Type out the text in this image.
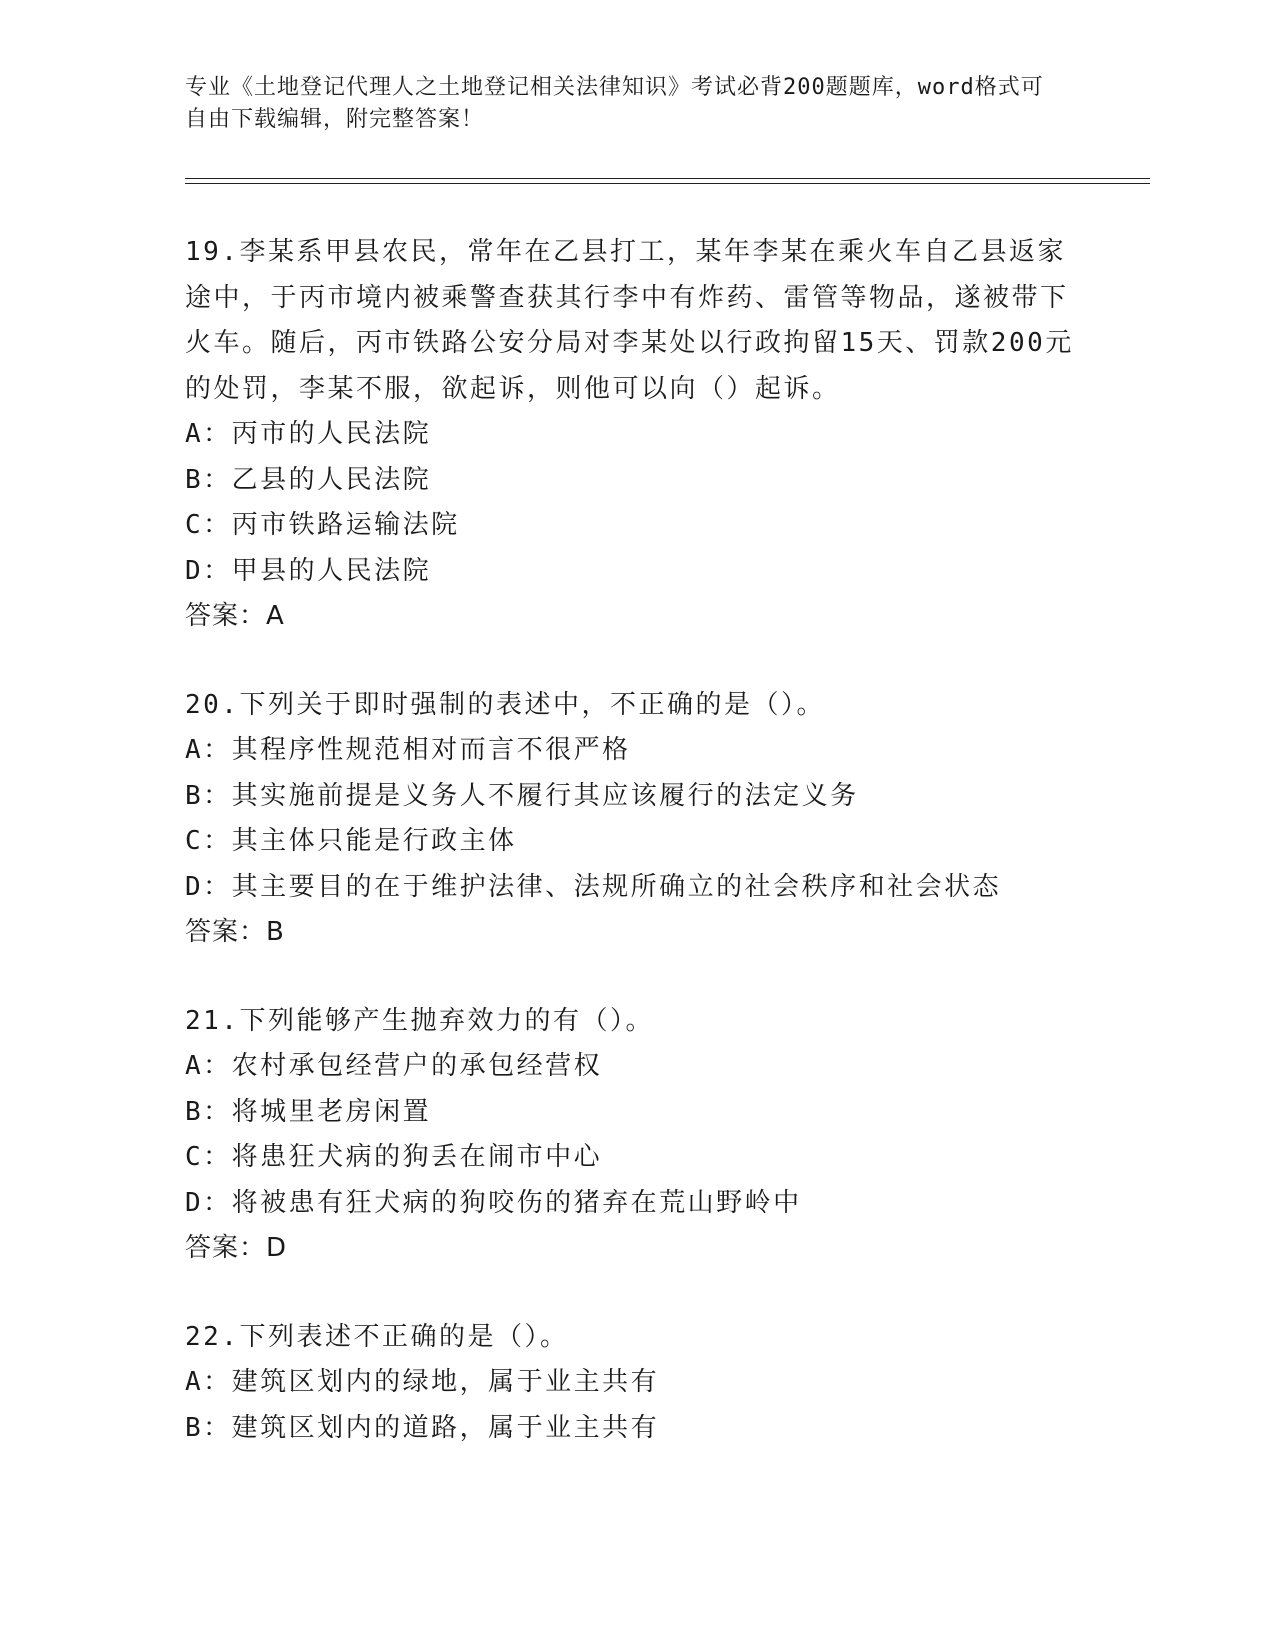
专业《土地登记代理人之土地登记相关法律知识》考试必背200题题库，word格式可自由下载编辑，附完整答案！

19.李某系甲县农民，常年在乙县打工，某年李某在乘火车自乙县返家途中，于丙市境内被乘警查获其行李中有炸药、雷管等物品，遂被带下火车。随后，丙市铁路公安分局对李某处以行政拘留15天、罚款200元的处罚，李某不服，欲起诉，则他可以向（）起诉。

A：丙市的人民法院

B：乙县的人民法院

C：丙市铁路运输法院

D：甲县的人民法院

答案：A

20.下列关于即时强制的表述中，不正确的是（）。

A：其程序性规范相对而言不很严格

B：其实施前提是义务人不履行其应该履行的法定义务

C：其主体只能是行政主体

D：其主要目的在于维护法律、法规所确立的社会秩序和社会状态

答案：B

21.下列能够产生抛弃效力的有（）。

A：农村承包经营户的承包经营权

B：将城里老房闲置

C：将患狂犬病的狗丢在闹市中心

D：将被患有狂犬病的狗咬伤的猪弃在荒山野岭中

答案：D

22.下列表述不正确的是（）。

A：建筑区划内的绿地，属于业主共有

B：建筑区划内的道路，属于业主共有
